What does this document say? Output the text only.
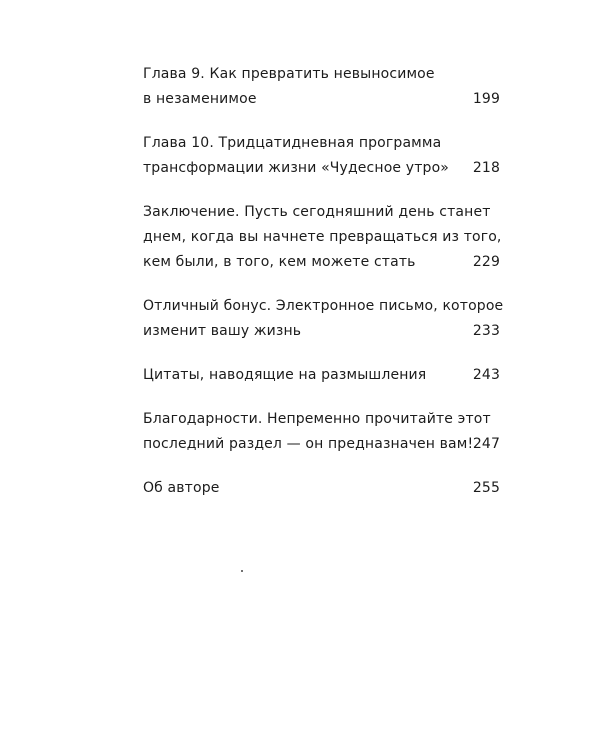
Глава 9. Как превратить невыносимое
в незаменимое	199
Глава 10. Тридцатидневная программа
трансформации жизни «Чудесное утро»	218
Заключение. Пусть сегодняшний день станет
днем, когда вы начнете превращаться из того,
кем были, в того, кем можете стать	229
Отличный бонус. Электронное письмо, которое
изменит вашу жизнь	233
Цитаты, наводящие на размышления	243
Благодарности. Непременно прочитайте этот
последний раздел — он предназначен вам! 247
Об авторе	255
